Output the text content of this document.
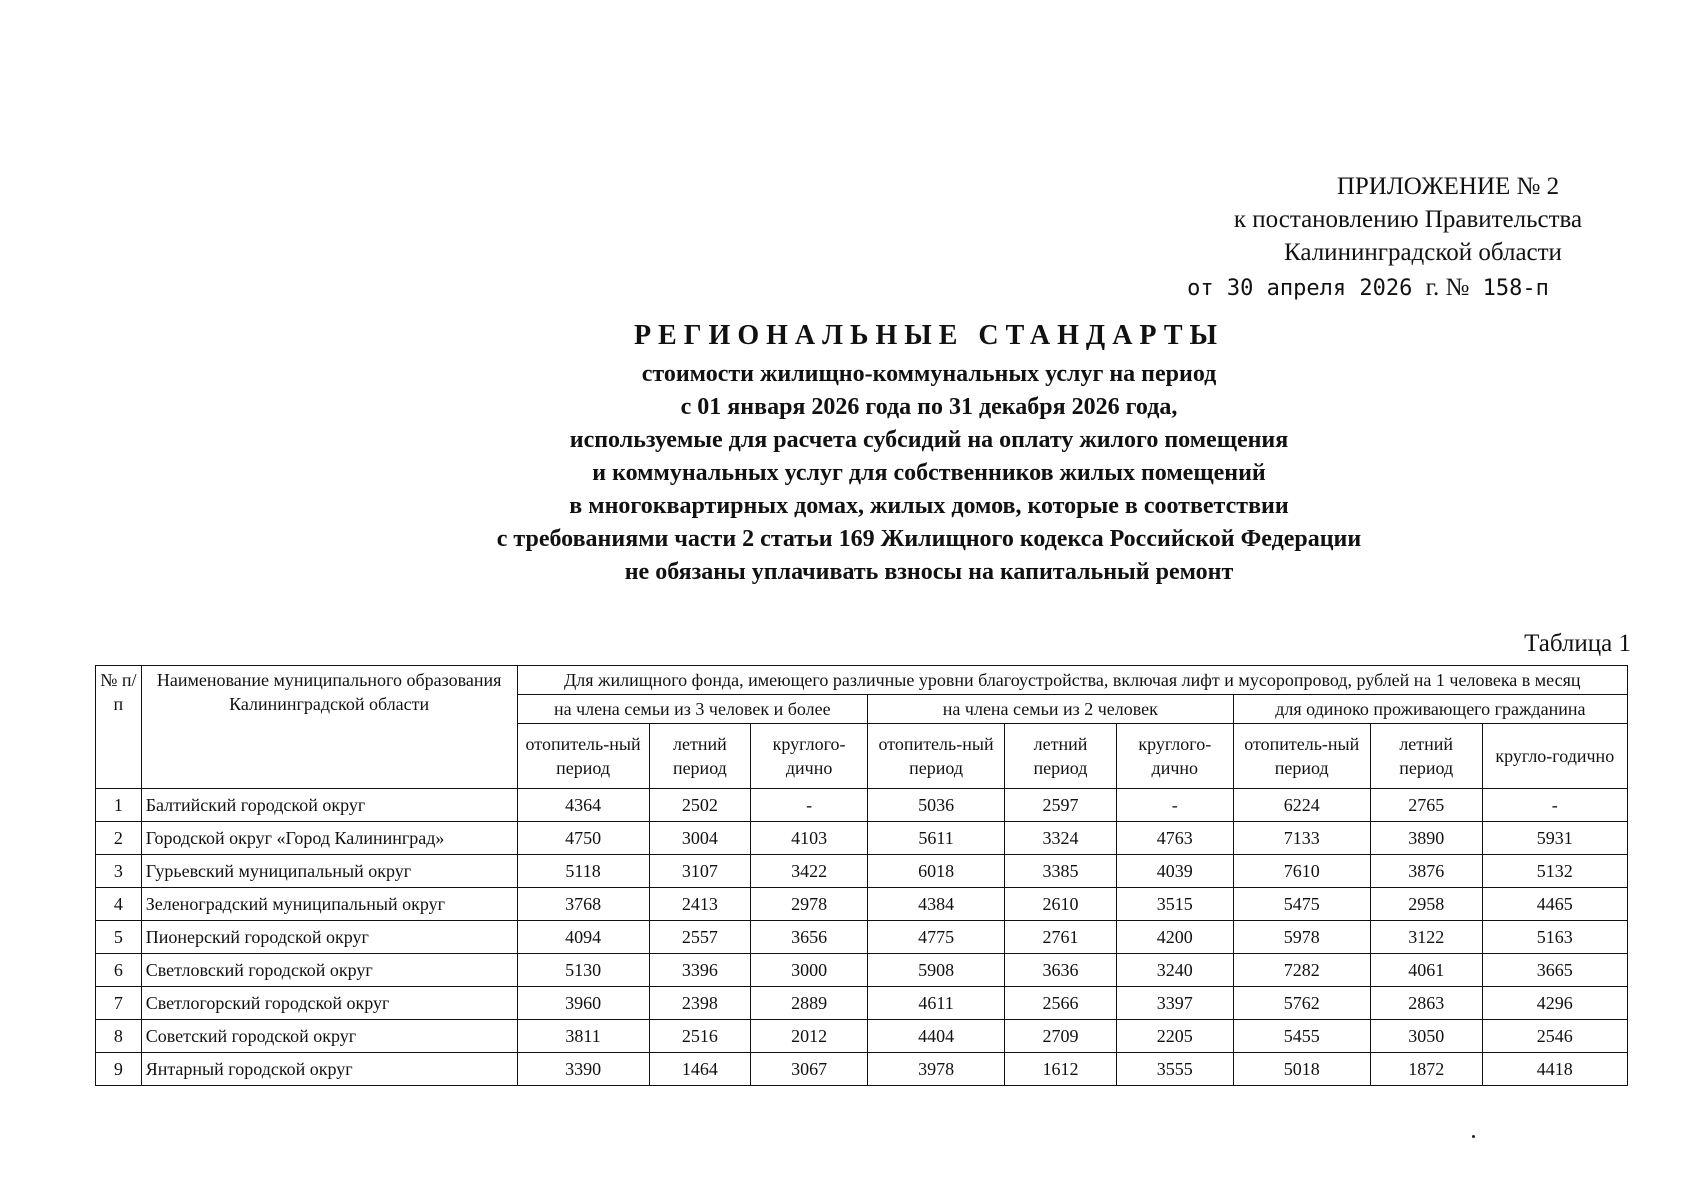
ПРИЛОЖЕНИЕ № 2
к постановлению Правительства
Калининградской области
от 30 апреля 2026 г. № 158-п
РЕГИОНАЛЬНЫЕ СТАНДАРТЫ
стоимости жилищно-коммунальных услуг на период
с 01 января 2026 года по 31 декабря 2026 года,
используемые для расчета субсидий на оплату жилого помещения
и коммунальных услуг для собственников жилых помещений
в многоквартирных домах, жилых домов, которые в соответствии
с требованиями части 2 статьи 169 Жилищного кодекса Российской Федерации
не обязаны уплачивать взносы на капитальный ремонт
Таблица 1
№ п/п	Наименование муниципального образования Калининградской области	Для жилищного фонда, имеющего различные уровни благоустройства, включая лифт и мусоропровод, рублей на 1 человека в месяц								
		на члена семьи из 3 человек и более			на члена семьи из 2 человек			для одиноко проживающего гражданина		
		отопитель-ный период	летний период	круглого-дично	отопитель-ный период	летний период	круглого-дично	отопитель-ный период	летний период	кругло-годично
1	Балтийский городской округ	4364	2502	-	5036	2597	-	6224	2765	-
2	Городской округ «Город Калининград»	4750	3004	4103	5611	3324	4763	7133	3890	5931
3	Гурьевский муниципальный округ	5118	3107	3422	6018	3385	4039	7610	3876	5132
4	Зеленоградский муниципальный округ	3768	2413	2978	4384	2610	3515	5475	2958	4465
5	Пионерский городской округ	4094	2557	3656	4775	2761	4200	5978	3122	5163
6	Светловский городской округ	5130	3396	3000	5908	3636	3240	7282	4061	3665
7	Светлогорский городской округ	3960	2398	2889	4611	2566	3397	5762	2863	4296
8	Советский городской округ	3811	2516	2012	4404	2709	2205	5455	3050	2546
9	Янтарный городской округ	3390	1464	3067	3978	1612	3555	5018	1872	4418
